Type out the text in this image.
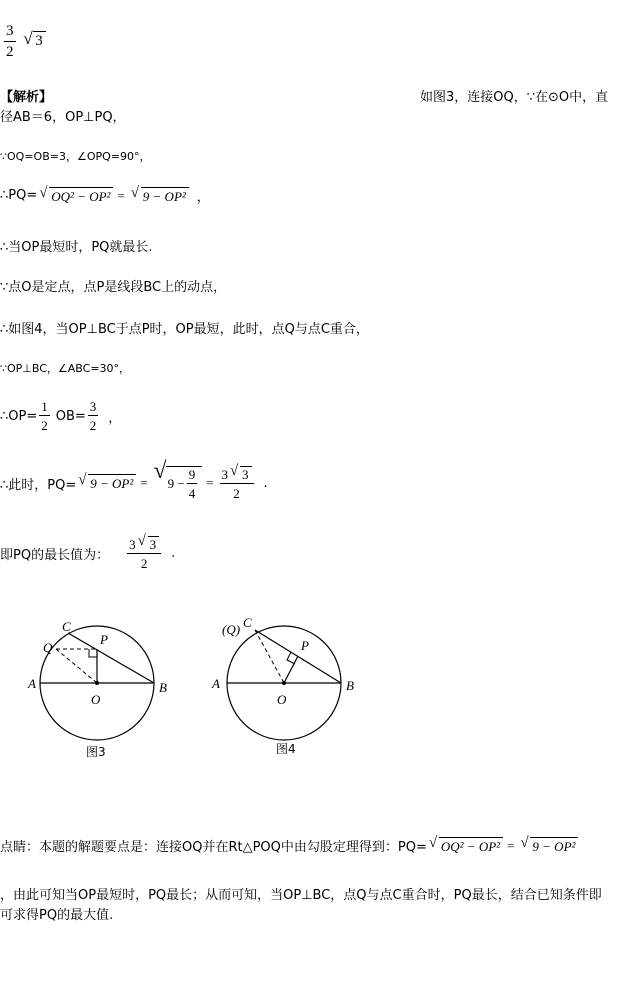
$\frac{3}{2}$
√ 3
【解析】	如图3，连接OQ，∵在⊙O中，直
径AB＝6，OP⊥PQ，
∵OQ=OB=3，∠OPQ=90°，
∴PQ= √ OQ² − OP² = √ 9 − OP² ，
∴当OP最短时，PQ就最长.
∵点O是定点，点P是线段BC上的动点，
∴如图4，当OP⊥BC于点P时，OP最短，此时，点Q与点C重合，
∵OP⊥BC，∠ABC=30°，
∴OP= $\frac{1}{2} OB= \frac{3}{2}$ ，
∴此时，PQ= √ 9 − OP² = √ $9 - \frac{9}{4} = \frac{3 √ 3}{2}$ .
即PQ的最长值为： $\frac{3 √ 3}{2}$ .
A	B
C
Q
P
O
图3
A	B
C
(Q)
P
O
图4
点睛：本题的解题要点是：连接OQ并在Rt△POQ中由勾股定理得到：PQ= √ OQ² − OP² = √ 9 − OP²
，由此可知当OP最短时，PQ最长；从而可知，当OP⊥BC，点Q与点C重合时，PQ最长，结合已知条件即
可求得PQ的最大值.
